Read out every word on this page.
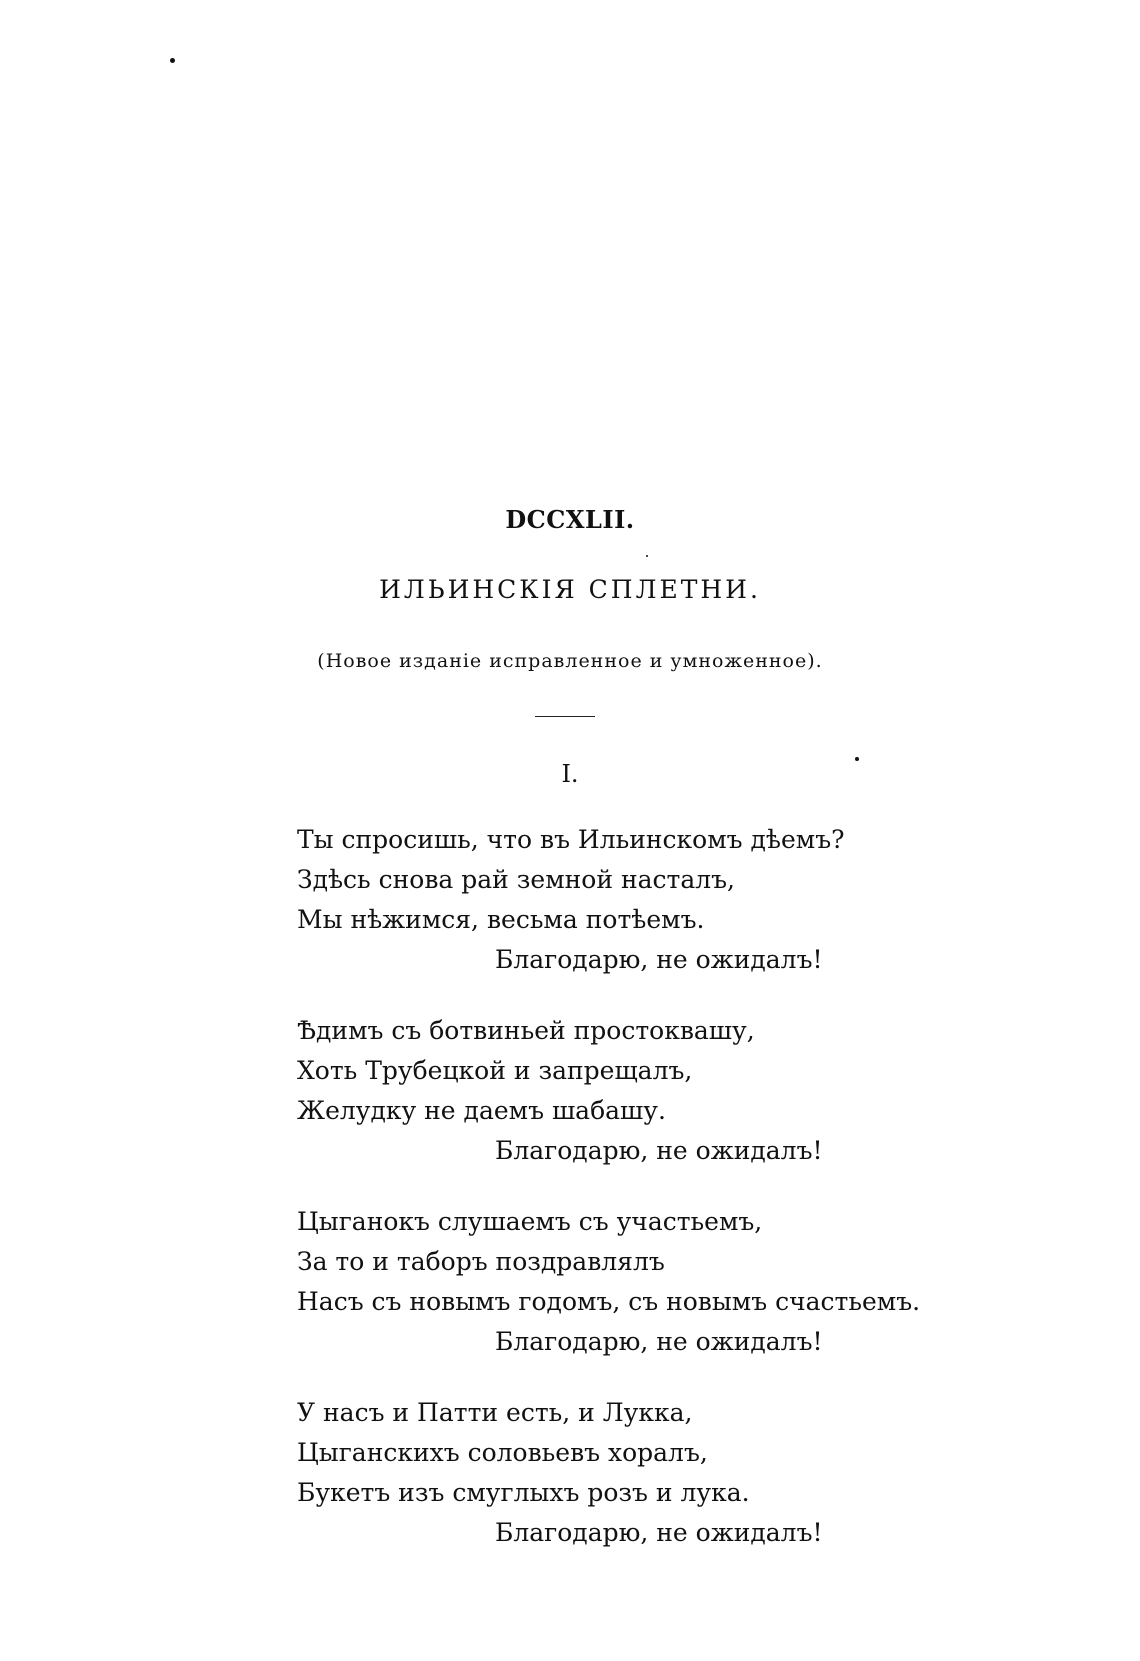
DCCXLII.
ИЛЬИНСКІЯ СПЛЕТНИ.
(Новое изданіе исправленное и умноженное).
I.
Ты спросишь, что въ Ильинскомъ дѣемъ?
Здѣсь снова рай земной насталъ,
Мы нѣжимся, весьма потѣемъ.
Благодарю, не ожидалъ!
Ѣдимъ съ ботвиньей простоквашу,
Хоть Трубецкой и запрещалъ,
Желудку не даемъ шабашу.
Благодарю, не ожидалъ!
Цыганокъ слушаемъ съ участьемъ,
За то и таборъ поздравлялъ
Насъ съ новымъ годомъ, съ новымъ счастьемъ.
Благодарю, не ожидалъ!
У насъ и Патти есть, и Лукка,
Цыганскихъ соловьевъ хоралъ,
Букетъ изъ смуглыхъ розъ и лука.
Благодарю, не ожидалъ!
